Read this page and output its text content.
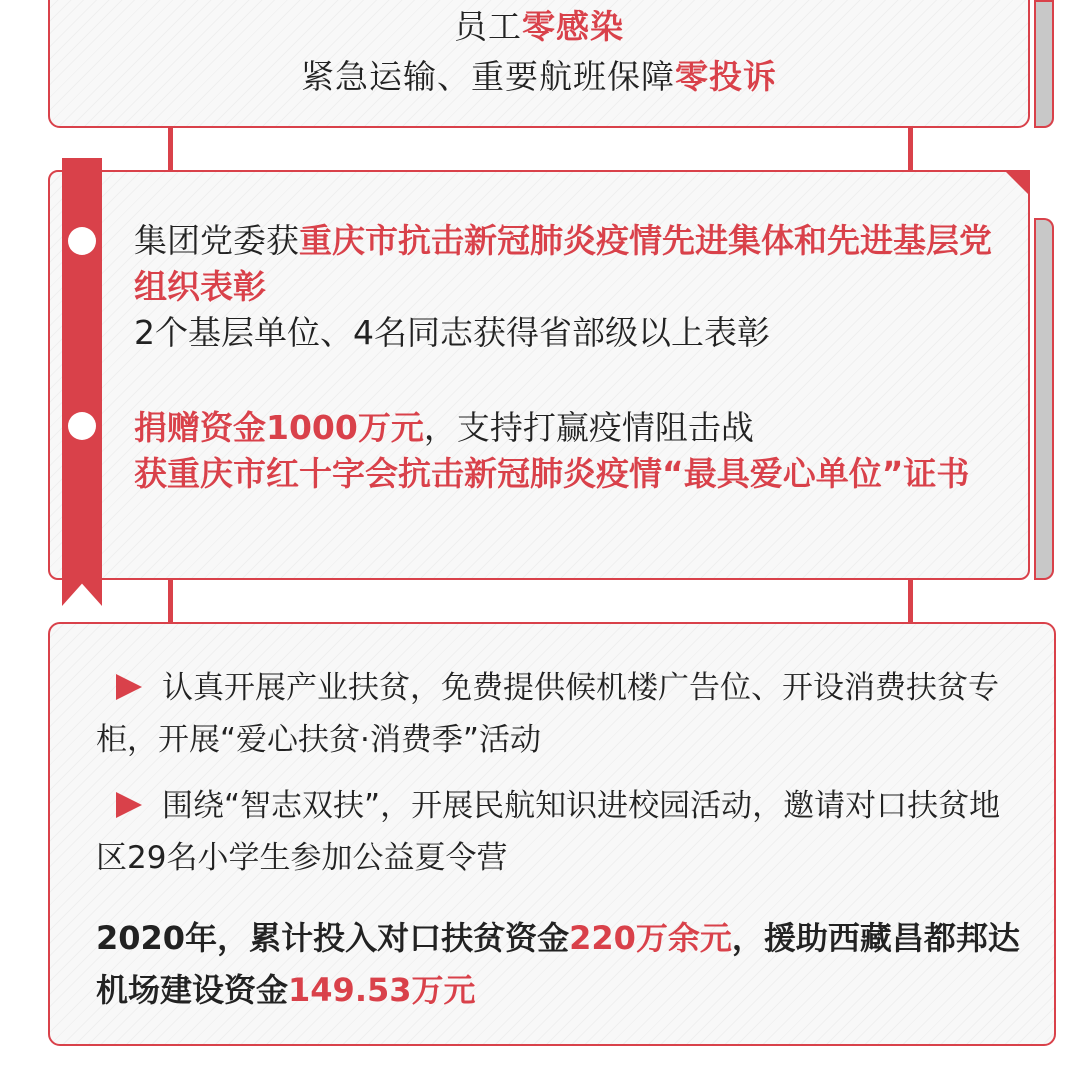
员工零感染
紧急运输、重要航班保障零投诉
集团党委获重庆市抗击新冠肺炎疫情先进集体和先进基层党组织表彰
2个基层单位、4名同志获得省部级以上表彰
捐赠资金1000万元，支持打赢疫情阻击战
获重庆市红十字会抗击新冠肺炎疫情“最具爱心单位”证书
认真开展产业扶贫，免费提供候机楼广告位、开设消费扶贫专柜，开展“爱心扶贫·消费季”活动
围绕“智志双扶”，开展民航知识进校园活动，邀请对口扶贫地区29名小学生参加公益夏令营
2020年，累计投入对口扶贫资金220万余元，援助西藏昌都邦达机场建设资金149.53万元
